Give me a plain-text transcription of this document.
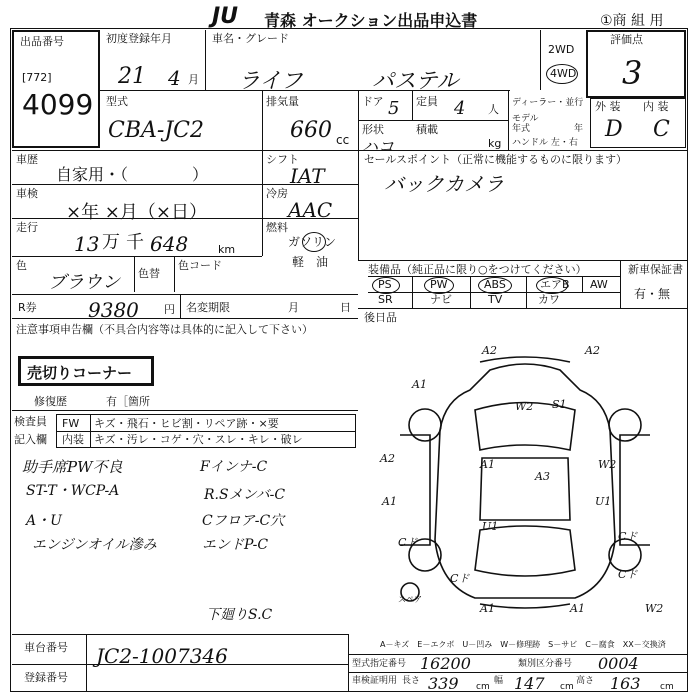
JU 青森 オークション出品申込書	①商 組 用
出品番号
[772]
4099
初度登録年月
21 4 月
車名・グレード
ライフ	パステル
2WD
4WD
評価点
3
型式
CBA-JC2
排気量
660 cc
ドア 5 定員 4 人
形状
ハコ
積載
kg
ディーラー・並行
モデル
年式	年
ハンドル 左・右
外 装 内 装
D C
車歴
自家用・（　　　　）
シフト
IAT
セールスポイント（正常に機能するものに限ります）
バックカメラ
車検
×年 ×月（×日）
冷房
AAC
走行
13 万 千 648	km
燃料
ガソリン
軽　油
色
ブラウン 色替
色コード	装備品（純正品に限り○をつけてください）	新車保証書
有・無
PS	PW	ABS	エアB AW
SR	ナビ	TV	カワ
R券	9380 円 名変期限	月	日
後日品
注意事項申告欄（不具合内容等は具体的に記入して下さい）
売切りコーナー
修復歴	有［箇所
検査員
記入欄
FW キズ・飛石・ヒビ割・リペア跡・×要
内装 キズ・汚レ・コゲ・穴・スレ・キレ・破レ
助手席PW不良
ST-T・WCP-A
A・U
エンジンオイル滲み
Fインナ-C
R.Sメンバ-C
Cフロア-C穴
エンドP-C
下廻りS.C
A2	A2
A1
W2 S1
A2	A1
A3
W2
A1
U1
U1
Cド
Cド
Cド
A1	A1	W2
Cド
スペア
A－キズ　E－エクボ　U－凹み　W－修理跡　S－サビ　C－腐食　XX－交換済
車台番号 JC2-1007346
登録番号
型式指定番号 16200	類別区分番号 0004
車検証明用 長さ 339 cm
幅 147 cm
高さ 163 cm
